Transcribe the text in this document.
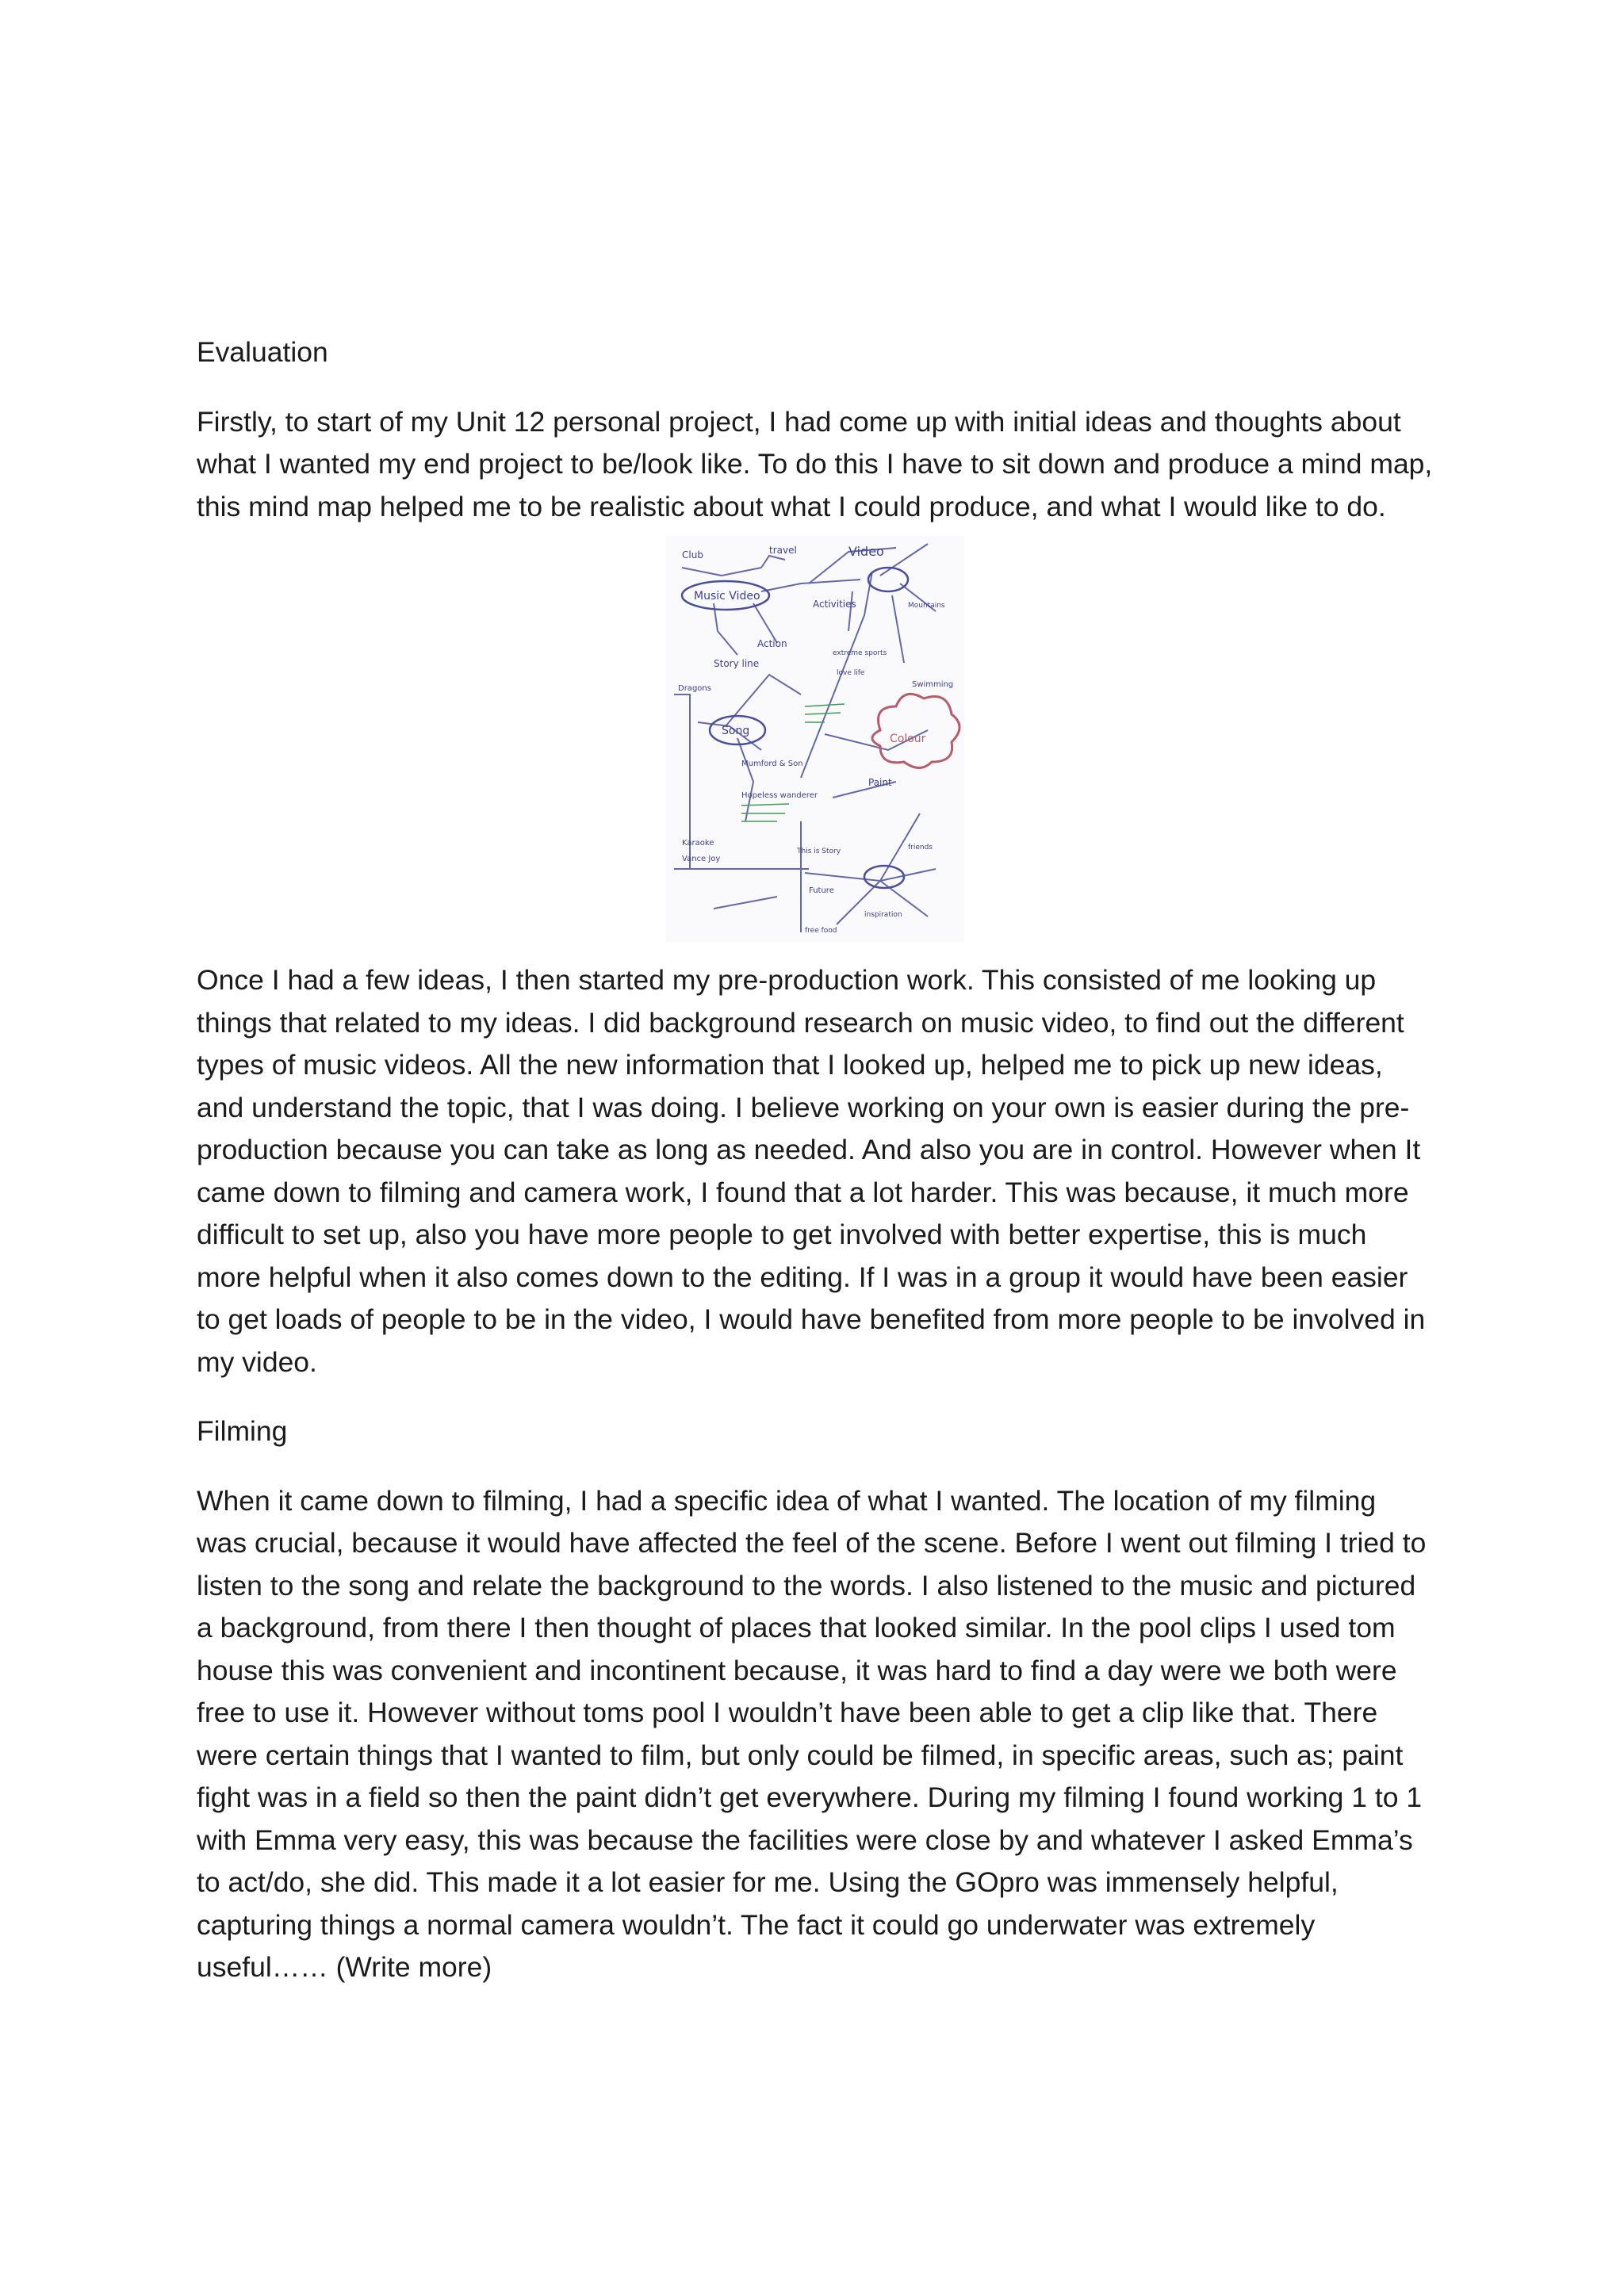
Evaluation

Firstly, to start of my Unit 12 personal project, I had come up with initial ideas and thoughts about what I wanted my end project to be/look like. To do this I have to sit down and produce a mind map, this mind map helped me to be realistic about what I could produce, and what I would like to do.

Club	travel	Video
Music Video
Activities	Mountains
Action
Story line
extreme sports
love life
Swimming
Dragons
Song
Colour
Mumford & Son
Hopeless wanderer
Paint
Karaoke
Vance Joy
This is Story
Future
friends
free food
inspiration

Once I had a few ideas, I then started my pre-production work. This consisted of me looking up things that related to my ideas. I did background research on music video, to find out the different types of music videos. All the new information that I looked up, helped me to pick up new ideas, and understand the topic, that I was doing. I believe working on your own is easier during the pre-production because you can take as long as needed. And also you are in control. However when It came down to filming and camera work, I found that a lot harder. This was because, it much more difficult to set up, also you have more people to get involved with better expertise, this is much more helpful when it also comes down to the editing. If I was in a group it would have been easier to get loads of people to be in the video, I would have benefited from more people to be involved in my video.

Filming

When it came down to filming, I had a specific idea of what I wanted. The location of my filming was crucial, because it would have affected the feel of the scene. Before I went out filming I tried to listen to the song and relate the background to the words. I also listened to the music and pictured a background, from there I then thought of places that looked similar. In the pool clips I used tom house this was convenient and incontinent because, it was hard to find a day were we both were free to use it. However without toms pool I wouldn’t have been able to get a clip like that. There were certain things that I wanted to film, but only could be filmed, in specific areas, such as; paint fight was in a field so then the paint didn’t get everywhere. During my filming I found working 1 to 1 with Emma very easy, this was because the facilities were close by and whatever I asked Emma’s to act/do, she did. This made it a lot easier for me. Using the GOpro was immensely helpful, capturing things a normal camera wouldn’t. The fact it could go underwater was extremely useful…… (Write more)
